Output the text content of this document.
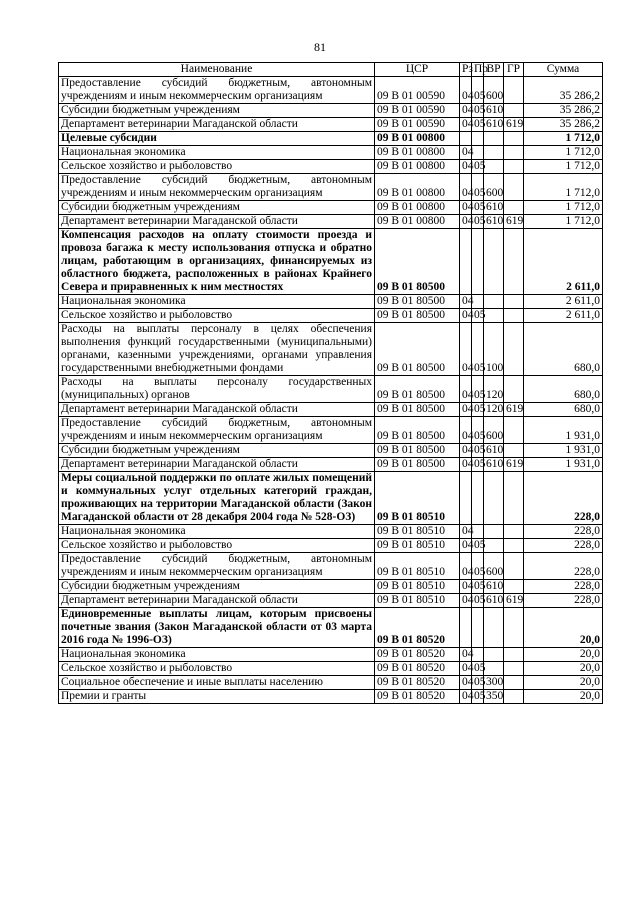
81
Наименование	ЦСР	Рз	Пр	ВР	ГР	Сумма
Предоставление субсидий бюджетным, автономным учреждениям и иным некоммерческим организациям	09 В 01 00590	04	05	600		35 286,2
Субсидии бюджетным учреждениям	09 В 01 00590	04	05	610		35 286,2
Департамент ветеринарии Магаданской области	09 В 01 00590	04	05	610	619	35 286,2
Целевые субсидии	09 В 01 00800					1 712,0
Национальная экономика	09 В 01 00800	04				1 712,0
Сельское хозяйство и рыболовство	09 В 01 00800	04	05			1 712,0
Предоставление субсидий бюджетным, автономным учреждениям и иным некоммерческим организациям	09 В 01 00800	04	05	600		1 712,0
Субсидии бюджетным учреждениям	09 В 01 00800	04	05	610		1 712,0
Департамент ветеринарии Магаданской области	09 В 01 00800	04	05	610	619	1 712,0
Компенсация расходов на оплату стоимости проезда и провоза багажа к месту использования отпуска и обратно лицам, работающим в организациях, финансируемых из областного бюджета, расположенных в районах Крайнего Севера и приравненных к ним местностях	09 В 01 80500					2 611,0
Национальная экономика	09 В 01 80500	04				2 611,0
Сельское хозяйство и рыболовство	09 В 01 80500	04	05			2 611,0
Расходы на выплаты персоналу в целях обеспечения выполнения функций государственными (муниципальными) органами, казенными учреждениями, органами управления государственными внебюджетными фондами	09 В 01 80500	04	05	100		680,0
Расходы на выплаты персоналу государственных (муниципальных) органов	09 В 01 80500	04	05	120		680,0
Департамент ветеринарии Магаданской области	09 В 01 80500	04	05	120	619	680,0
Предоставление субсидий бюджетным, автономным учреждениям и иным некоммерческим организациям	09 В 01 80500	04	05	600		1 931,0
Субсидии бюджетным учреждениям	09 В 01 80500	04	05	610		1 931,0
Департамент ветеринарии Магаданской области	09 В 01 80500	04	05	610	619	1 931,0
Меры социальной поддержки по оплате жилых помещений и коммунальных услуг отдельных категорий граждан, проживающих на территории Магаданской области (Закон Магаданской области от 28 декабря 2004 года № 528-ОЗ)	09 В 01 80510					228,0
Национальная экономика	09 В 01 80510	04				228,0
Сельское хозяйство и рыболовство	09 В 01 80510	04	05			228,0
Предоставление субсидий бюджетным, автономным учреждениям и иным некоммерческим организациям	09 В 01 80510	04	05	600		228,0
Субсидии бюджетным учреждениям	09 В 01 80510	04	05	610		228,0
Департамент ветеринарии Магаданской области	09 В 01 80510	04	05	610	619	228,0
Единовременные выплаты лицам, которым присвоены почетные звания (Закон Магаданской области от 03 марта 2016 года № 1996-ОЗ)	09 В 01 80520					20,0
Национальная экономика	09 В 01 80520	04				20,0
Сельское хозяйство и рыболовство	09 В 01 80520	04	05			20,0
Социальное обеспечение и иные выплаты населению	09 В 01 80520	04	05	300		20,0
Премии и гранты	09 В 01 80520	04	05	350		20,0
